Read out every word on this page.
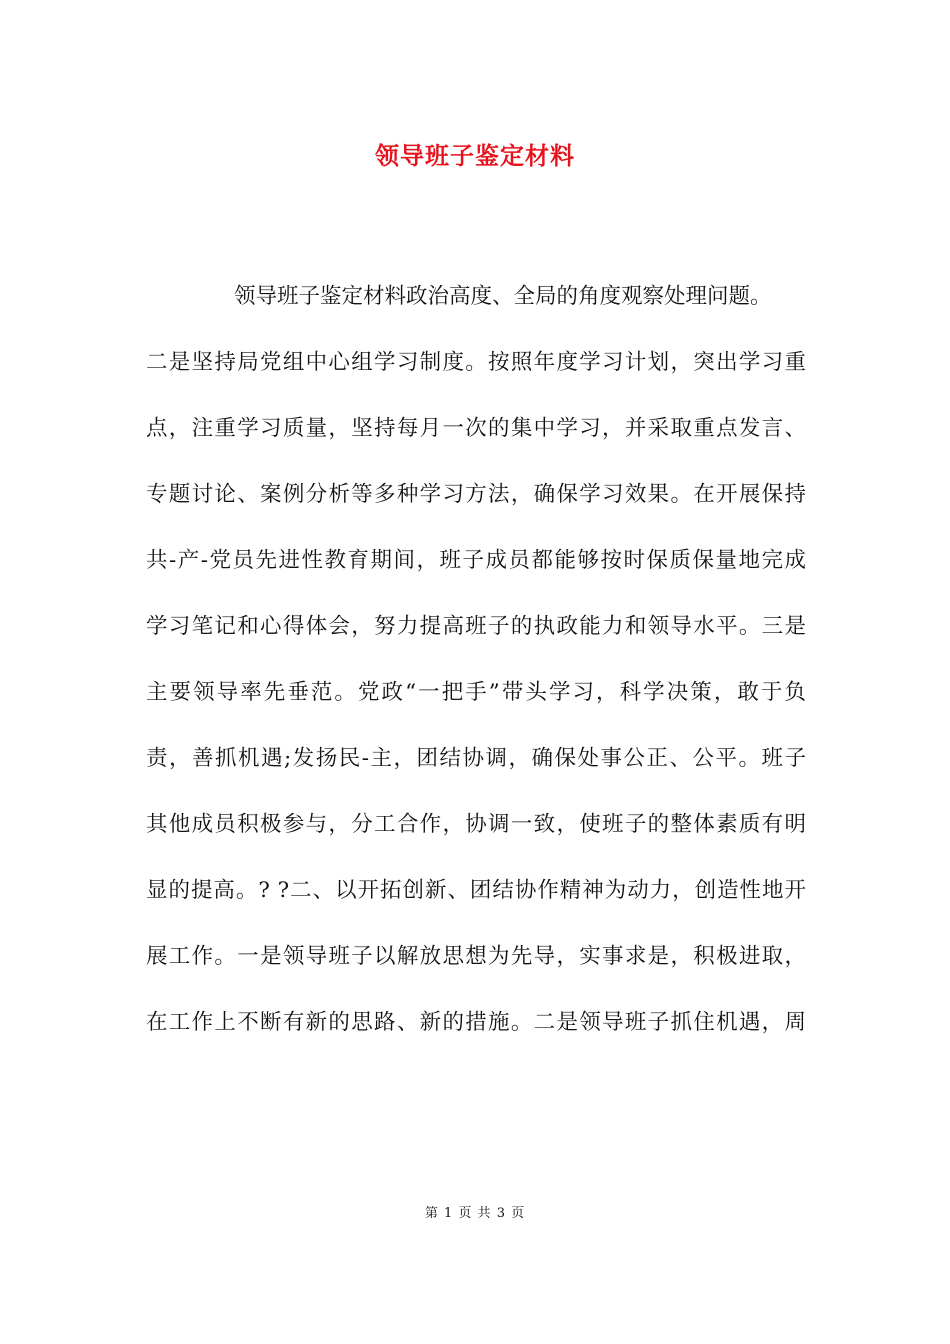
领导班子鉴定材料
领导班子鉴定材料政治高度、全局的角度观察处理问题。
二是坚持局党组中心组学习制度。按照年度学习计划，突出学习重
点，注重学习质量，坚持每月一次的集中学习，并采取重点发言、
专题讨论、案例分析等多种学习方法，确保学习效果。在开展保持
共-产-党员先进性教育期间，班子成员都能够按时保质保量地完成
学习笔记和心得体会，努力提高班子的执政能力和领导水平。三是
主要领导率先垂范。党政“一把手”带头学习，科学决策，敢于负
责，善抓机遇;发扬民-主，团结协调，确保处事公正、公平。班子
其他成员积极参与，分工合作，协调一致，使班子的整体素质有明
显的提高。? ?二、以开拓创新、团结协作精神为动力，创造性地开
展工作。一是领导班子以解放思想为先导，实事求是，积极进取，
在工作上不断有新的思路、新的措施。二是领导班子抓住机遇，周
第 1 页 共 3 页
